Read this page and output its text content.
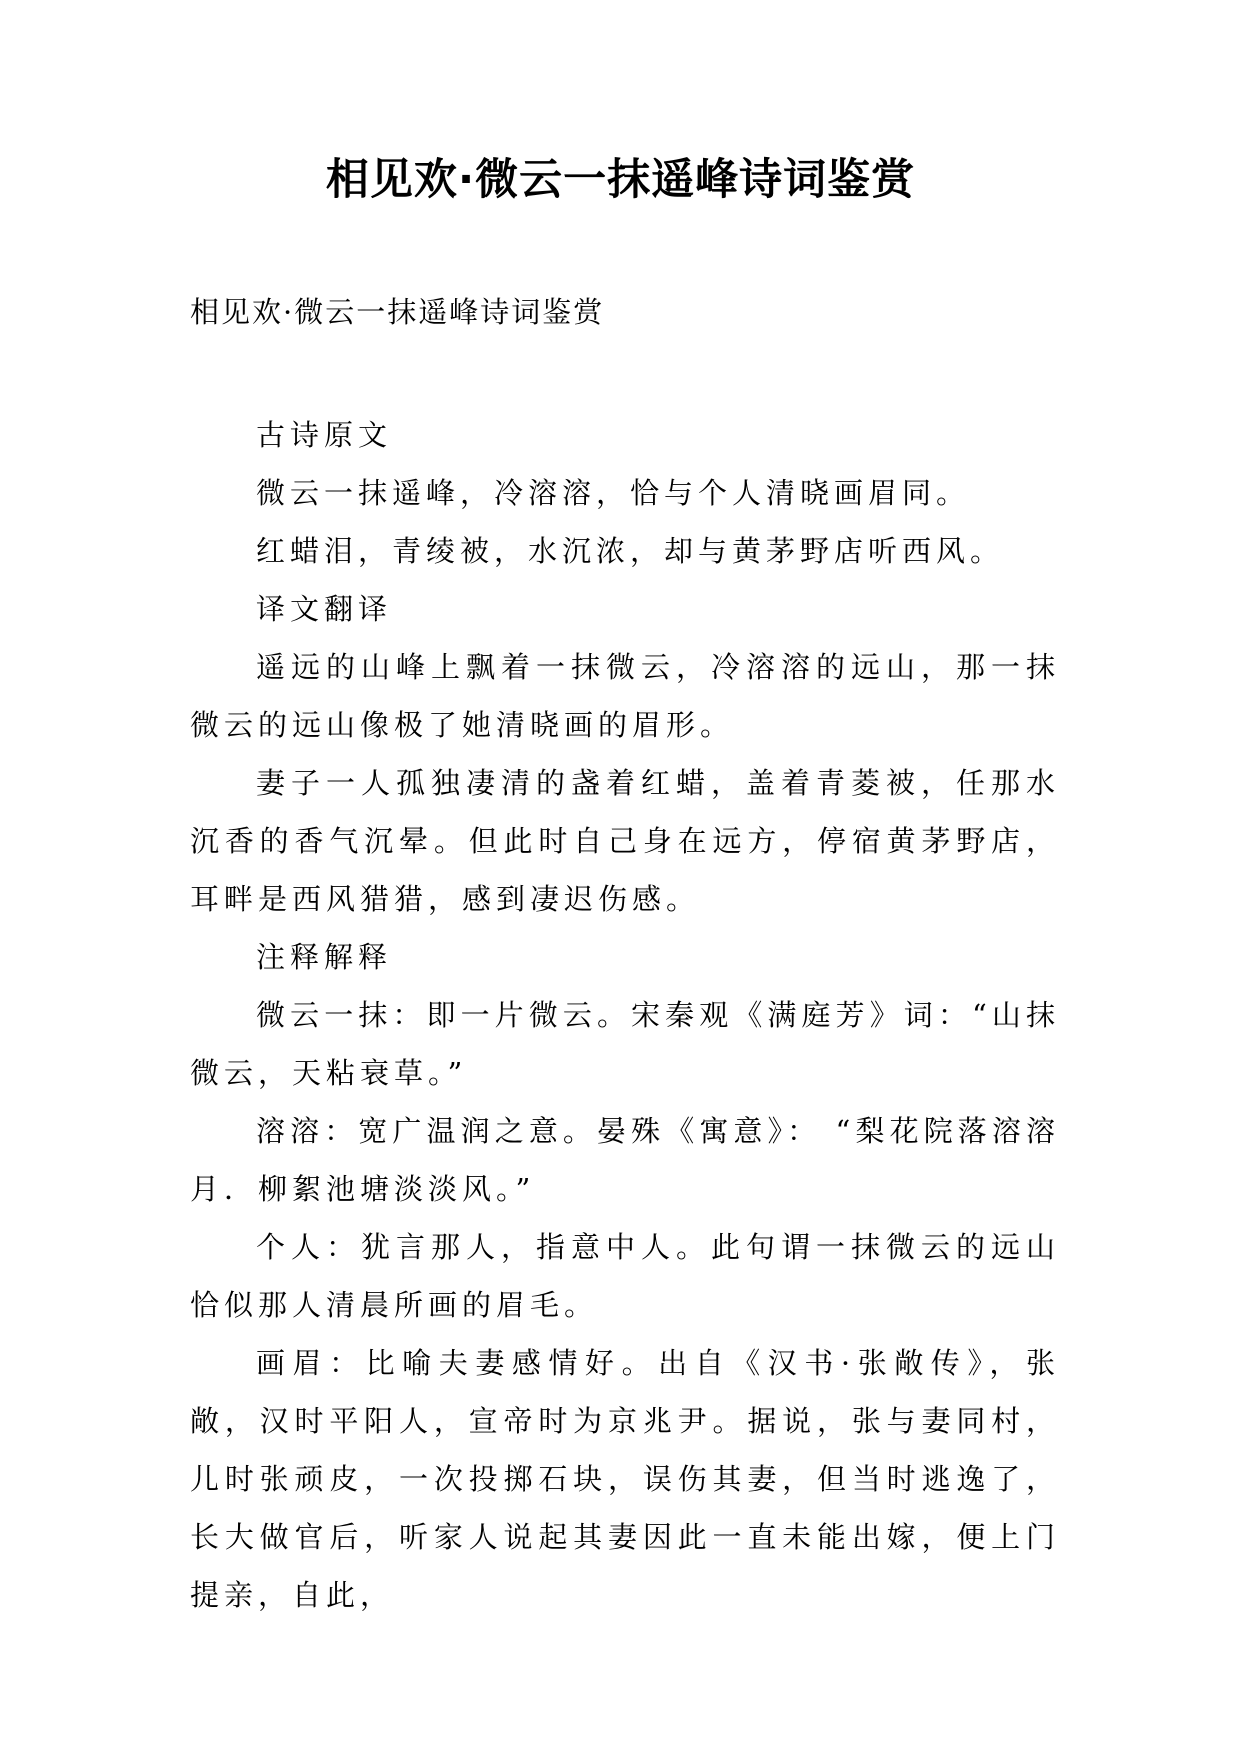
相见欢·微云一抹遥峰诗词鉴赏

相见欢·微云一抹遥峰诗词鉴赏

古诗原文

微云一抹遥峰，冷溶溶，恰与个人清晓画眉同。

红蜡泪，青绫被，水沉浓，却与黄茅野店听西风。

译文翻译

遥远的山峰上飘着一抹微云，冷溶溶的远山，那一抹微云的远山像极了她清晓画的眉形。

妻子一人孤独凄清的盏着红蜡，盖着青菱被，任那水沉香的香气沉晕。但此时自己身在远方，停宿黄茅野店，耳畔是西风猎猎，感到凄迟伤感。

注释解释

微云一抹：即一片微云。宋秦观《满庭芳》词：“山抹微云，天粘衰草。”

溶溶：宽广温润之意。晏殊《寓意》： “梨花院落溶溶月．柳絮池塘淡淡风。”

个人：犹言那人，指意中人。此句谓一抹微云的远山恰似那人清晨所画的眉毛。

画眉：比喻夫妻感情好。出自《汉书·张敞传》，张敞，汉时平阳人，宣帝时为京兆尹。据说，张与妻同村，儿时张顽皮，一次投掷石块，误伤其妻，但当时逃逸了，长大做官后，听家人说起其妻因此一直未能出嫁，便上门提亲，自此，
